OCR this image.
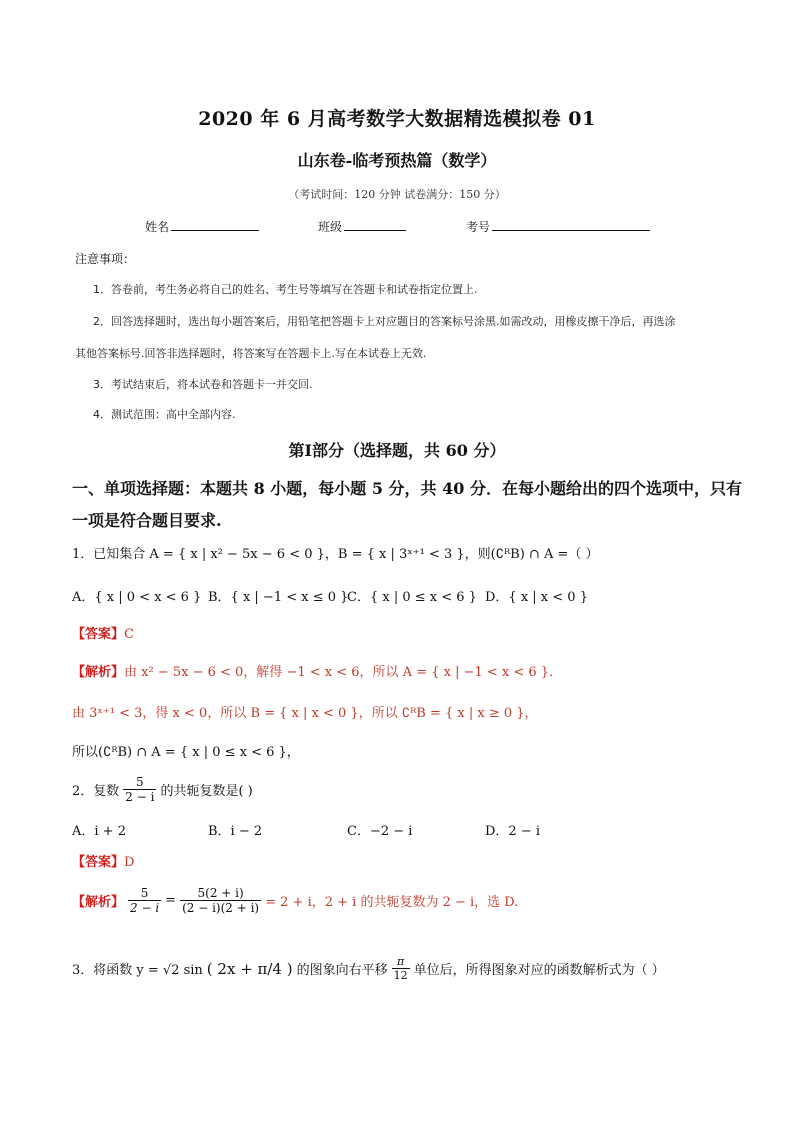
2020 年 6 月高考数学大数据精选模拟卷 01
山东卷-临考预热篇（数学）
（考试时间：120 分钟 试卷满分：150 分）
姓名	班级	考号
注意事项：
1．答卷前，考生务必将自己的姓名、考生号等填写在答题卡和试卷指定位置上.
2．回答选择题时，选出每小题答案后，用铅笔把答题卡上对应题目的答案标号涂黑.如需改动，用橡皮擦干净后，再选涂
其他答案标号.回答非选择题时，将答案写在答题卡上.写在本试卷上无效.
3．考试结束后，将本试卷和答题卡一并交回.
4．测试范围：高中全部内容.
第Ⅰ部分（选择题，共 60 分）
一、单项选择题：本题共 8 小题，每小题 5 分，共 40 分．在每小题给出的四个选项中，只有
一项是符合题目要求.
1．已知集合 A = { x | x² − 5x − 6 < 0 }，B = { x | 3ˣ⁺¹ < 3 }，则(∁ᴿB) ∩ A =（ ）
A．{ x | 0 < x < 6 } B．{ x | −1 < x ≤ 0 }
C．{ x | 0 ≤ x < 6 } D．{ x | x < 0 }
【答案】C
【解析】由 x² − 5x − 6 < 0，解得 −1 < x < 6，所以 A = { x | −1 < x < 6 }．
由 3ˣ⁺¹ < 3，得 x < 0，所以 B = { x | x < 0 }，所以 ∁ᴿB = { x | x ≥ 0 }，
所以(∁ᴿB) ∩ A = { x | 0 ≤ x < 6 }，
2．复数 $\frac{5}{2 - i}$ 的共轭复数是( )
A．i + 2	B．i − 2	C．−2 − i	D．2 − i
【答案】D
【解析】 $\frac{5}{2 - i} = \frac{5(2 + i)}{(2 - i)(2 + i)} = 2 + i$，2 + i 的共轭复数为 2 − i，选 D.
3．将函数 y = √2 sin ( 2x + π/4 ) 的图象向右平移 $\frac{\pi}{12}$ 单位后，所得图象对应的函数解析式为（ ）
